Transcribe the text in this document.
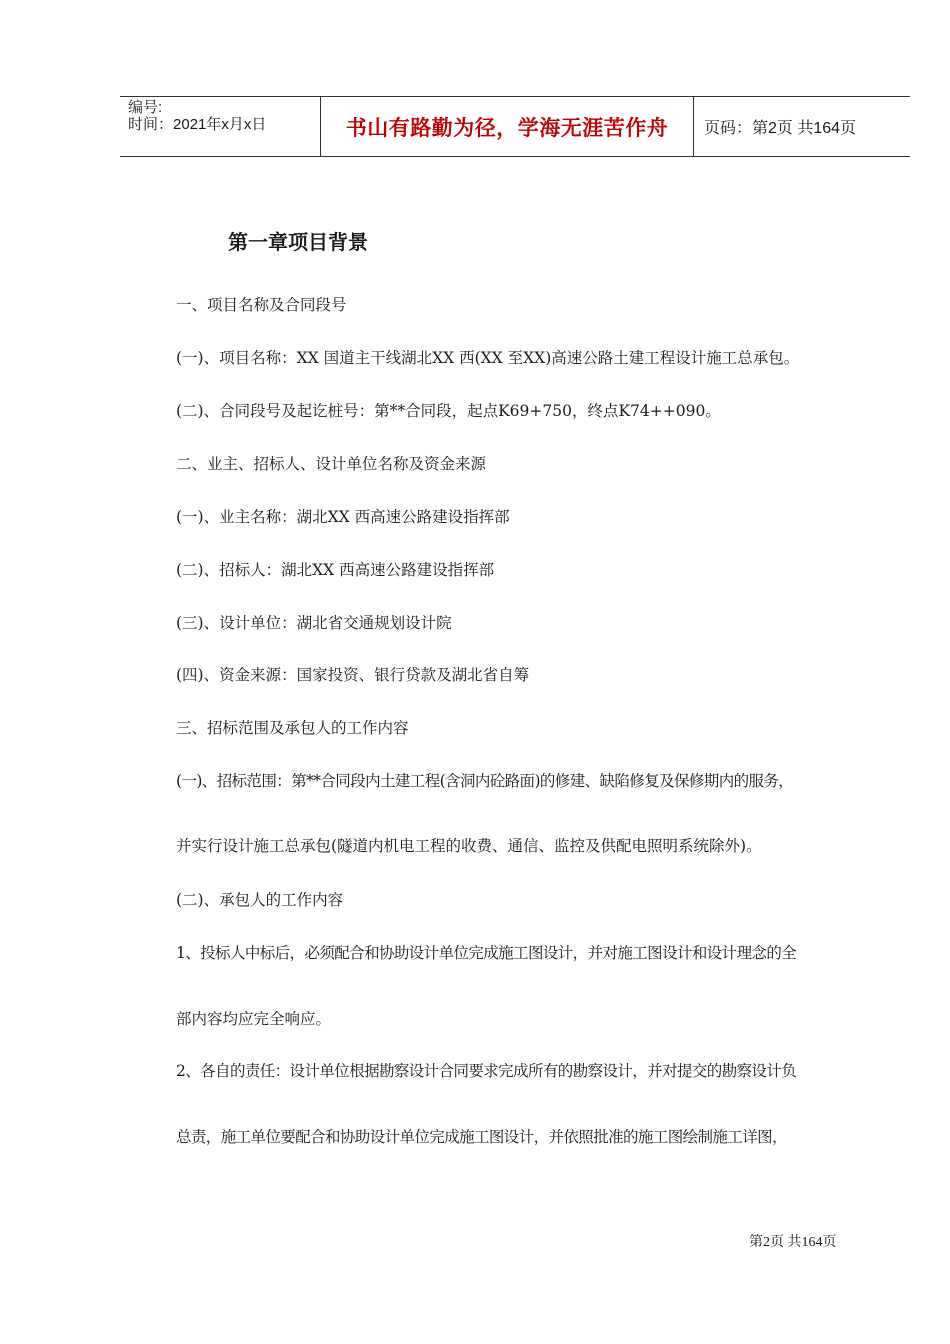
编号:
时间：2021年x月x日	书山有路勤为径，学海无涯苦作舟 页码：第2页 共164页
第一章项目背景

一、项目名称及合同段号

(一)、项目名称：XX 国道主干线湖北XX 西(XX 至XX)高速公路土建工程设计施工总承包。

(二)、合同段号及起讫桩号：第**合同段，起点K69+750，终点K74++090。

二、业主、招标人、设计单位名称及资金来源

(一)、业主名称：湖北XX 西高速公路建设指挥部

(二)、招标人：湖北XX 西高速公路建设指挥部

(三)、设计单位：湖北省交通规划设计院

(四)、资金来源：国家投资、银行贷款及湖北省自筹

三、招标范围及承包人的工作内容

(一)、招标范围：第**合同段内土建工程(含洞内砼路面)的修建、缺陷修复及保修期内的服务，

并实行设计施工总承包(隧道内机电工程的收费、通信、监控及供配电照明系统除外)。

(二)、承包人的工作内容

1、投标人中标后，必须配合和协助设计单位完成施工图设计，并对施工图设计和设计理念的全

部内容均应完全响应。

2、各自的责任：设计单位根据勘察设计合同要求完成所有的勘察设计，并对提交的勘察设计负

总责，施工单位要配合和协助设计单位完成施工图设计，并依照批准的施工图绘制施工详图，

第2页 共164页
